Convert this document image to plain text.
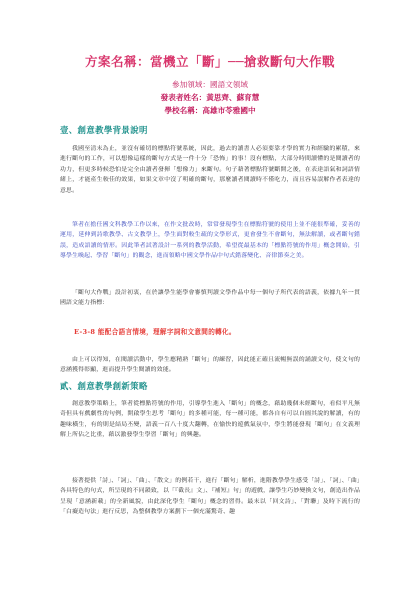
方案名稱：當機立「斷」──搶救斷句大作戰

參加領域：國語文領域

發表者姓名：黃思齊、蘇育慧

學校名稱：高雄市苓雅國中

壹、創意教學背景說明

我國至清末為止，並沒有確切的標點符號系統，因此，過去的讀書人必須要靠才學的實力和經驗的累積，來進行斷句的工作，可以想像這樣的斷句方式是一件十分「恐怖」的事！沒有標點，大部分時間讀懂的是閱讀者的功力，但更多時候恐怕是完全由讀者發揮「想像力」來斷句。句子藉著標點符號斷開之後，在表達語氣和詞語情緒上，才能產生較佳的效果，如果文章中沒了明確的斷句，那麼讀者閱讀時不僅吃力，而且容易誤解作者表達的意思。

筆者在擔任國文科教學工作以來，在作文批改時，常常發現學生在標點符號的使用上並不能很準確，妥善的運用，延伸到詩歌教學、古文教學上，學生面對較生疏的文學形式，更會發生不會斷句，無法解讀，或者斷句錯誤，造成語讀的情形。因此筆者試著設計一系列的教學活動，希望從最基本的「標點符號的作用」概念開始，引導學生喚起、學習「斷句」的觀念，進而領略中國文學作品中句式錯落變化、音律節奏之美。

「斷句大作戰」設計初衷，在於讓學生能學會審慎判讀文學作品中每一個句子所代表的語義，依據九年一貫國語文能力指標：

E-3-8 能配合語言情境，理解字詞和文意間的轉化。

由上可以得知，在閱讀活動中，學生應精熟「斷句」的練習，因此能正確且流暢無誤的誦讀文句，使文句的意涵獲得彰顯，進而提升學生閱讀的效能。

貳、創意教學創新策略

創意教學策略上，筆者從標點符號的作用，引導學生進入「斷句」的概念，藉助幾個未經斷句，看似平凡無奇但具有戲劇性的句例，開啟學生思考「斷句」的多種可能，每一種可能，都各自有可以自圓其說的解讀，有的趣味橫生，有的則是結局丕變，語義一百八十度大翻轉，在愉快的遊戲氣氛中，學生將能發現「斷句」在文義理解上所佔之比重，藉以激發學生學習「斷句」的興趣。

接著提供「詩」、「詞」、「曲」、「散文」的例若干，進行「斷句」解析，進階教學學生感受「詩」、「詞」、「曲」各具特色的句式，所呈現的不同韻致，以「『截長』文」、『補短』句」的遊戲，讓學生巧妙變換文句，創造出作品呈現「意涵新載」的全新風貌，由此深化學生「斷句」概念的習得。最末以「回文詩」、「對聯」及時下流行的「白癡造句法」進行反思，為整個教學方案劃下一個充滿驚奇、趣
